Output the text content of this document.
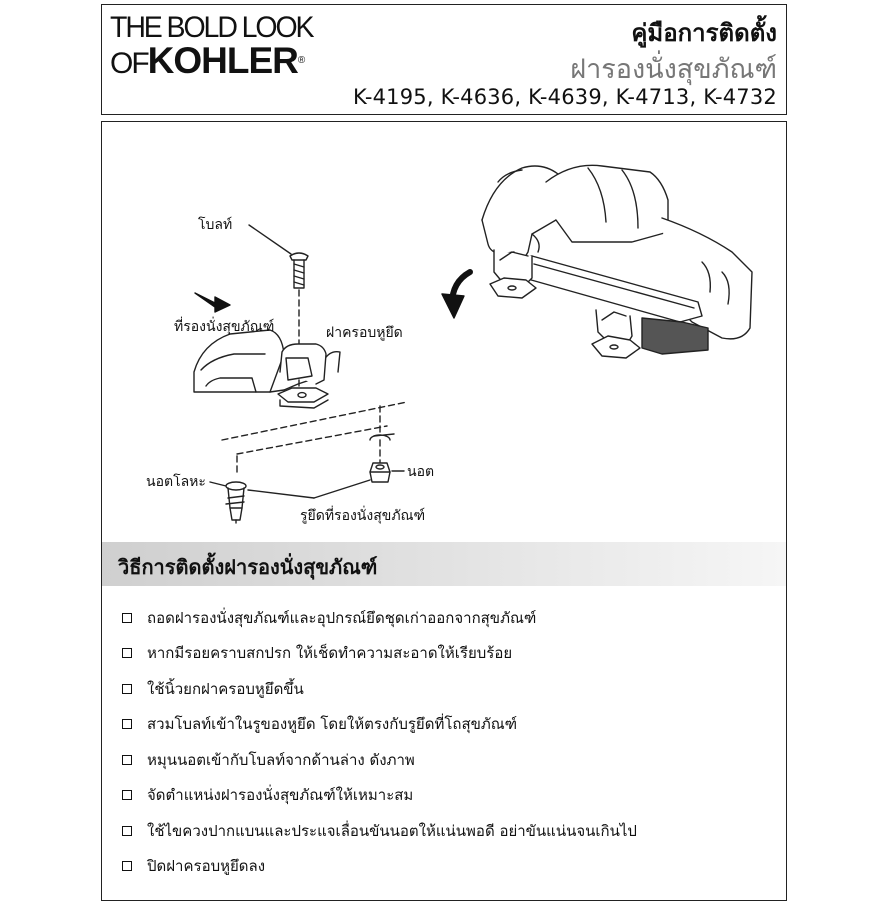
THE BOLD LOOK
OFKOHLER®
คู่มือการติดตั้ง
ฝารองนั่งสุขภัณฑ์
K-4195, K-4636, K-4639, K-4713, K-4732
โบลท์
ที่รองนั่งสุขภัณฑ์	ฝาครอบหูยึด
นอตโลหะ
นอต
รูยึดที่รองนั่งสุขภัณฑ์
วิธีการติดตั้งฝารองนั่งสุขภัณฑ์
ถอดฝารองนั่งสุขภัณฑ์และอุปกรณ์ยึดชุดเก่าออกจากสุขภัณฑ์
หากมีรอยคราบสกปรก ให้เช็ดทำความสะอาดให้เรียบร้อย
ใช้นิ้วยกฝาครอบหูยึดขึ้น
สวมโบลท์เข้าในรูของหูยึด โดยให้ตรงกับรูยึดที่โถสุขภัณฑ์
หมุนนอตเข้ากับโบลท์จากด้านล่าง ดังภาพ
จัดตำแหน่งฝารองนั่งสุขภัณฑ์ให้เหมาะสม
ใช้ไขควงปากแบนและประแจเลื่อนขันนอตให้แน่นพอดี อย่าขันแน่นจนเกินไป
ปิดฝาครอบหูยึดลง
